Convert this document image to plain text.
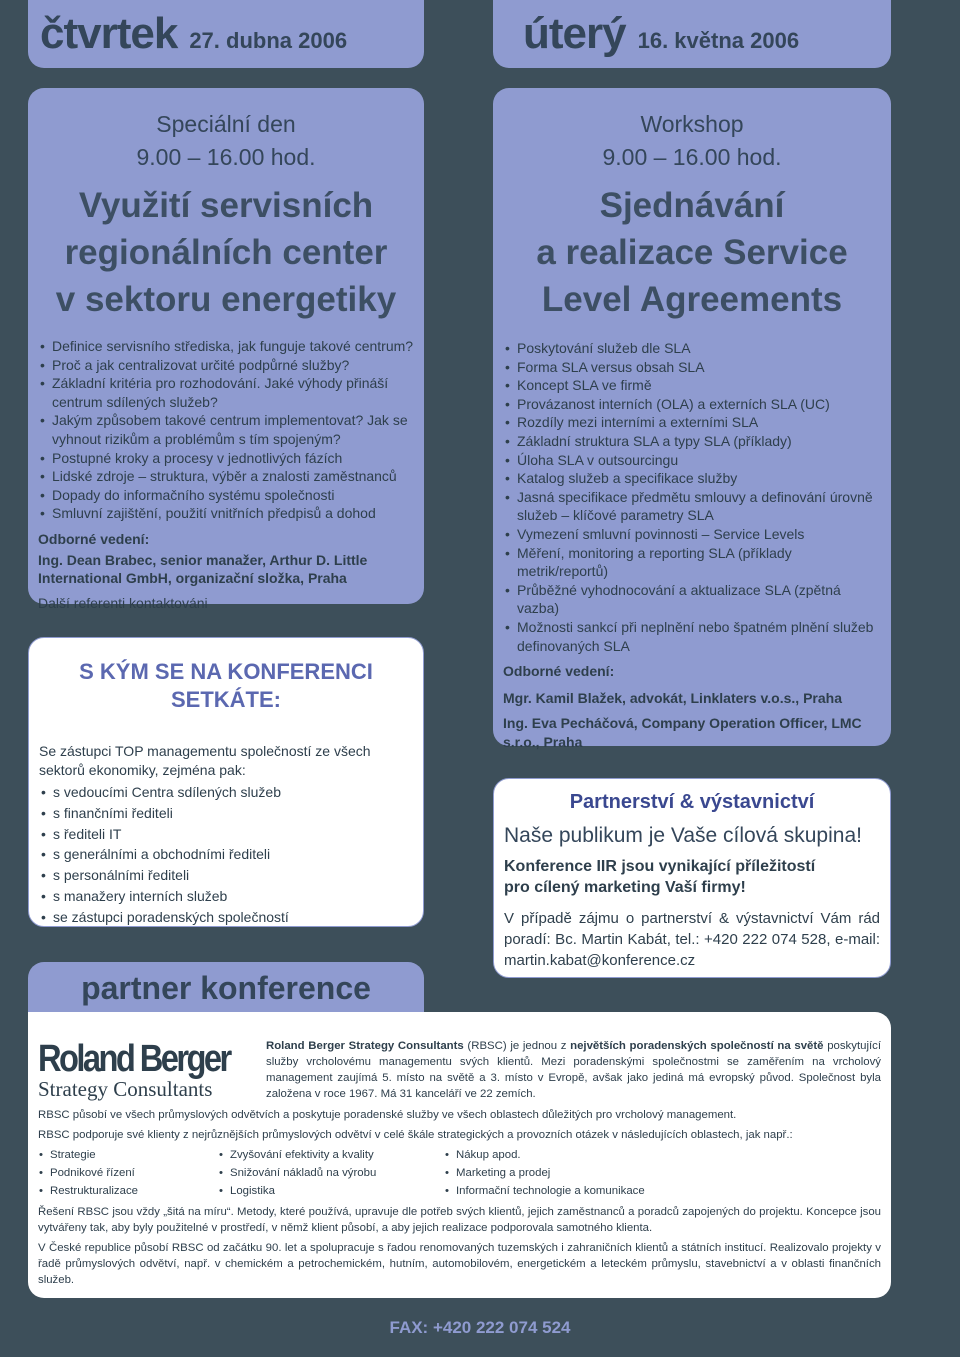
čtvrtek 27. dubna 2006	úterý 16. května 2006
Speciální den
9.00 – 16.00 hod.
Využití servisních
regionálních center
v sektoru energetiky
• Definice servisního střediska, jak funguje takové centrum?
• Proč a jak centralizovat určité podpůrné služby?
• Základní kritéria pro rozhodování. Jaké výhody přináší centrum sdílených služeb?
• Jakým způsobem takové centrum implementovat? Jak se vyhnout rizikům a problémům s tím spojeným?
• Postupné kroky a procesy v jednotlivých fázích
• Lidské zdroje – struktura, výběr a znalosti zaměstnanců
• Dopady do informačního systému společnosti
• Smluvní zajištění, použití vnitřních předpisů a dohod
Odborné vedení:
Ing. Dean Brabec, senior manažer, Arthur D. Little International GmbH, organizační složka, Praha
Další referenti kontaktováni
Workshop
9.00 – 16.00 hod.
Sjednávání
a realizace Service
Level Agreements
• Poskytování služeb dle SLA
• Forma SLA versus obsah SLA
• Koncept SLA ve firmě
• Provázanost interních (OLA) a externích SLA (UC)
• Rozdíly mezi interními a externími SLA
• Základní struktura SLA a typy SLA (příklady)
• Úloha SLA v outsourcingu
• Katalog služeb a specifikace služby
• Jasná specifikace předmětu smlouvy a definování úrovně služeb – klíčové parametry SLA
• Vymezení smluvní povinnosti – Service Levels
• Měření, monitoring a reporting SLA (příklady metrik/reportů)
• Průběžné vyhodnocování a aktualizace SLA (zpětná vazba)
• Možnosti sankcí při neplnění nebo špatném plnění služeb definovaných SLA
Odborné vedení:
Mgr. Kamil Blažek, advokát, Linklaters v.o.s., Praha
Ing. Eva Pecháčová, Company Operation Officer, LMC s.r.o., Praha
S KÝM SE NA KONFERENCI
SETKÁTE:
Se zástupci TOP managementu společností ze všech sektorů ekonomiky, zejména pak:
• s vedoucími Centra sdílených služeb
• s finančními řediteli
• s řediteli IT
• s generálními a obchodními řediteli
• s personálními řediteli
• s manažery interních služeb
• se zástupci poradenských společností
partner konference
Partnerství & výstavnictví
Naše publikum je Vaše cílová skupina!
Konference IIR jsou vynikající příležitostí
pro cílený marketing Vaší firmy!
V případě zájmu o partnerství & výstavnictví Vám rád poradí: Bc. Martin Kabát, tel.: +420 222 074 528, e-mail: martin.kabat@konference.cz
Roland Berger
Strategy Consultants
Roland Berger Strategy Consultants (RBSC) je jednou z největších poradenských společností na světě poskytující služby vrcholovému managementu svých klientů. Mezi poradenskými společnostmi se zaměřením na vrcholový management zaujímá 5. místo na světě a 3. místo v Evropě, avšak jako jediná má evropský původ. Společnost byla založena v roce 1967. Má 31 kanceláří ve 22 zemích.
RBSC působí ve všech průmyslových odvětvích a poskytuje poradenské služby ve všech oblastech důležitých pro vrcholový management.
RBSC podporuje své klienty z nejrůznějších průmyslových odvětví v celé škále strategických a provozních otázek v následujících oblastech, jak např.:
• Strategie
• Podnikové řízení
• Restrukturalizace
• Zvyšování efektivity a kvality
• Snižování nákladů na výrobu
• Logistika
• Nákup apod.
• Marketing a prodej
• Informační technologie a komunikace
Řešení RBSC jsou vždy „šitá na míru“. Metody, které používá, upravuje dle potřeb svých klientů, jejich zaměstnanců a poradců zapojených do projektu. Koncepce jsou vytvářeny tak, aby byly použitelné v prostředí, v němž klient působí, a aby jejich realizace podporovala samotného klienta.
V České republice působí RBSC od začátku 90. let a spolupracuje s řadou renomovaných tuzemských i zahraničních klientů a státních institucí. Realizovalo projekty v řadě průmyslových odvětví, např. v chemickém a petrochemickém, hutním, automobilovém, energetickém a leteckém průmyslu, stavebnictví a v oblasti finančních služeb.
FAX: +420 222 074 524
